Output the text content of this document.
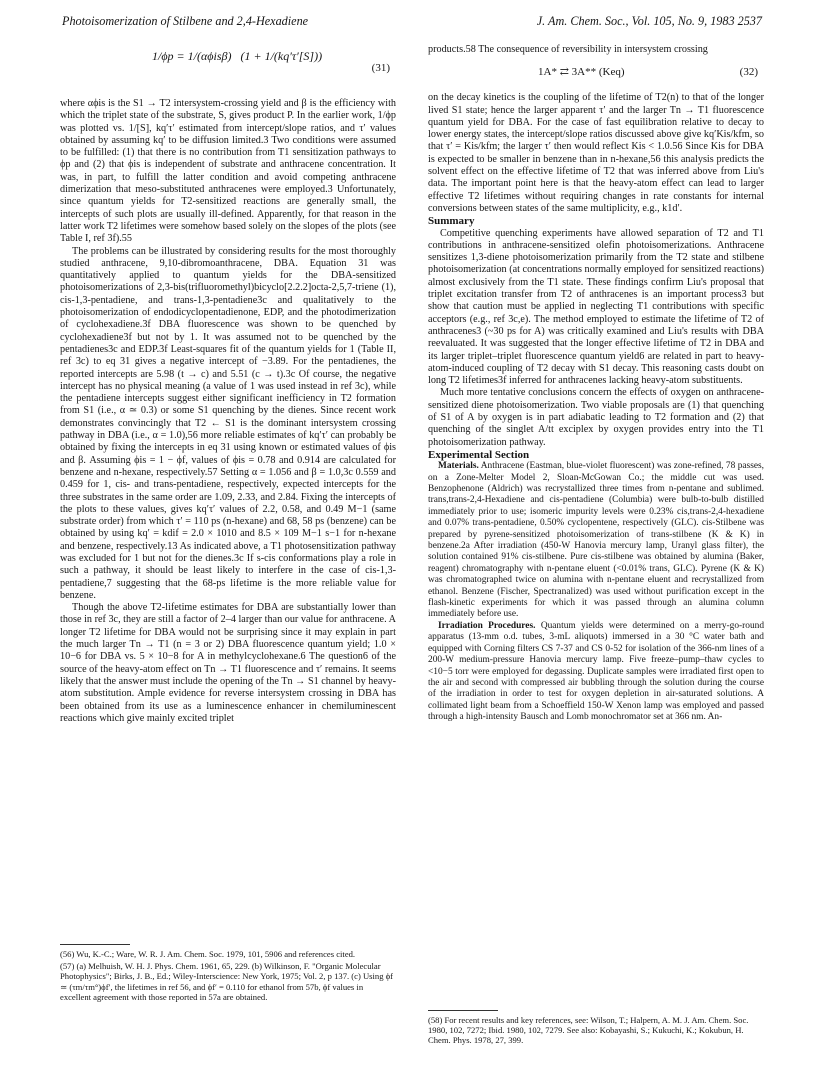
Photoisomerization of Stilbene and 2,4-Hexadiene	J. Am. Chem. Soc., Vol. 105, No. 9, 1983 2537
1/ϕp = 1/(αϕisβ) (1 + 1/(kq′τ′[S]))
(31)

where αϕis is the S1 → T2 intersystem-crossing yield and β is the efficiency with which the triplet state of the substrate, S, gives product P. In the earlier work, 1/ϕp was plotted vs. 1/[S], kq′τ′ estimated from intercept/slope ratios, and τ′ values obtained by assuming kq′ to be diffusion limited.3 Two conditions were assumed to be fulfilled: (1) that there is no contribution from T1 sensitization pathways to ϕp and (2) that ϕis is independent of substrate and anthracene concentration. It was, in part, to fulfill the latter condition and avoid competing anthracene dimerization that meso-substituted anthracenes were employed.3 Unfortunately, since quantum yields for T2-sensitized reactions are generally small, the intercepts of such plots are usually ill-defined. Apparently, for that reason in the latter work T2 lifetimes were somehow based solely on the slopes of the plots (see Table I, ref 3f).55

The problems can be illustrated by considering results for the most thoroughly studied anthracene, 9,10-dibromoanthracene, DBA. Equation 31 was quantitatively applied to quantum yields for the DBA-sensitized photoisomerizations of 2,3-bis(trifluoromethyl)bicyclo[2.2.2]octa-2,5,7-triene (1), cis-1,3-pentadiene, and trans-1,3-pentadiene3c and qualitatively to the photoisomerization of endodicyclopentadienone, EDP, and the photodimerization of cyclohexadiene.3f DBA fluorescence was shown to be quenched by cyclohexadiene3f but not by 1. It was assumed not to be quenched by the pentadienes3c and EDP.3f Least-squares fit of the quantum yields for 1 (Table II, ref 3c) to eq 31 gives a negative intercept of −3.89. For the pentadienes, the reported intercepts are 5.98 (t → c) and 5.51 (c → t).3c Of course, the negative intercept has no physical meaning (a value of 1 was used instead in ref 3c), while the pentadiene intercepts suggest either significant inefficiency in T2 formation from S1 (i.e., α ≃ 0.3) or some S1 quenching by the dienes. Since recent work demonstrates convincingly that T2 ← S1 is the dominant intersystem crossing pathway in DBA (i.e., α = 1.0),56 more reliable estimates of kq′τ′ can probably be obtained by fixing the intercepts in eq 31 using known or estimated values of ϕis and β. Assuming ϕis = 1 − ϕf, values of ϕis = 0.78 and 0.914 are calculated for benzene and n-hexane, respectively.57 Setting α = 1.056 and β = 1.0,3c 0.559 and 0.459 for 1, cis- and trans-pentadiene, respectively, expected intercepts for the three substrates in the same order are 1.09, 2.33, and 2.84. Fixing the intercepts of the plots to these values, gives kq′τ′ values of 2.2, 0.58, and 0.49 M−1 (same substrate order) from which τ′ = 110 ps (n-hexane) and 68, 58 ps (benzene) can be obtained by using kq′ = kdif = 2.0 × 1010 and 8.5 × 109 M−1 s−1 for n-hexane and benzene, respectively.13 As indicated above, a T1 photosensitization pathway was excluded for 1 but not for the dienes.3c If s-cis conformations play a role in such a pathway, it should be least likely to interfere in the case of cis-1,3-pentadiene,7 suggesting that the 68-ps lifetime is the more reliable value for benzene.

Though the above T2-lifetime estimates for DBA are substantially lower than those in ref 3c, they are still a factor of 2–4 larger than our value for anthracene. A longer T2 lifetime for DBA would not be surprising since it may explain in part the much larger Tn → T1 (n = 3 or 2) DBA fluorescence quantum yield; 1.0 × 10−6 for DBA vs. 5 × 10−8 for A in methylcyclohexane.6 The question6 of the source of the heavy-atom effect on Tn → T1 fluorescence and τ′ remains. It seems likely that the answer must include the opening of the Tn → S1 channel by heavy-atom substitution. Ample evidence for reverse intersystem crossing in DBA has been obtained from its use as a luminescence enhancer in chemiluminescent reactions which give mainly excited triplet

(56) Wu, K.-C.; Ware, W. R. J. Am. Chem. Soc. 1979, 101, 5906 and references cited.

(57) (a) Melhuish, W. H. J. Phys. Chem. 1961, 65, 229. (b) Wilkinson, F. "Organic Molecular Photophysics"; Birks, J. B., Ed.; Wiley-Interscience: New York, 1975; Vol. 2, p 137. (c) Using ϕf ≃ (τm/τm°)ϕf′, the lifetimes in ref 56, and ϕf′ = 0.110 for ethanol from 57b, ϕf values in excellent agreement with those reported in 57a are obtained.

products.58 The consequence of reversibility in intersystem crossing

1A* ⇄ 3A** (Keq)	(32)

on the decay kinetics is the coupling of the lifetime of T2(n) to that of the longer lived S1 state; hence the larger apparent τ′ and the larger Tn → T1 fluorescence quantum yield for DBA. For the case of fast equilibration relative to decay to lower energy states, the intercept/slope ratios discussed above give kq′Kis/kfm, so that τ′ = Kis/kfm; the larger τ′ then would reflect Kis < 1.0.56 Since Kis for DBA is expected to be smaller in benzene than in n-hexane,56 this analysis predicts the solvent effect on the effective lifetime of T2 that was inferred above from Liu's data. The important point here is that the heavy-atom effect can lead to larger effective T2 lifetimes without requiring changes in rate constants for internal conversions between states of the same multiplicity, e.g., k1d′.

Summary

Competitive quenching experiments have allowed separation of T2 and T1 contributions in anthracene-sensitized olefin photoisomerizations. Anthracene sensitizes 1,3-diene photoisomerization primarily from the T2 state and stilbene photoisomerization (at concentrations normally employed for sensitized reactions) almost exclusively from the T1 state. These findings confirm Liu's proposal that triplet excitation transfer from T2 of anthracenes is an important process3 but show that caution must be applied in neglecting T1 contributions with specific acceptors (e.g., ref 3c,e). The method employed to estimate the lifetime of T2 of anthracenes3 (~30 ps for A) was critically examined and Liu's results with DBA reevaluated. It was suggested that the longer effective lifetime of T2 in DBA and its larger triplet–triplet fluorescence quantum yield6 are related in part to heavy-atom-induced coupling of T2 decay with S1 decay. This reasoning casts doubt on long T2 lifetimes3f inferred for anthracenes lacking heavy-atom substituents.

Much more tentative conclusions concern the effects of oxygen on anthracene-sensitized diene photoisomerization. Two viable proposals are (1) that quenching of S1 of A by oxygen is in part adiabatic leading to T2 formation and (2) that quenching of the singlet A/tt exciplex by oxygen provides entry into the T1 photoisomerization pathway.

Experimental Section

Materials. Anthracene (Eastman, blue-violet fluorescent) was zone-refined, 78 passes, on a Zone-Melter Model 2, Sloan-McGowan Co.; the middle cut was used. Benzophenone (Aldrich) was recrystallized three times from n-pentane and sublimed. trans,trans-2,4-Hexadiene and cis-pentadiene (Columbia) were bulb-to-bulb distilled immediately prior to use; isomeric impurity levels were 0.23% cis,trans-2,4-hexadiene and 0.07% trans-pentadiene, 0.50% cyclopentene, respectively (GLC). cis-Stilbene was prepared by pyrene-sensitized photoisomerization of trans-stilbene (K & K) in benzene.2a After irradiation (450-W Hanovia mercury lamp, Uranyl glass filter), the solution contained 91% cis-stilbene. Pure cis-stilbene was obtained by alumina (Baker, reagent) chromatography with n-pentane eluent (<0.01% trans, GLC). Pyrene (K & K) was chromatographed twice on alumina with n-pentane eluent and recrystallized from ethanol. Benzene (Fischer, Spectranalized) was used without purification except in the flash-kinetic experiments for which it was passed through an alumina column immediately before use.

Irradiation Procedures. Quantum yields were determined on a merry-go-round apparatus (13-mm o.d. tubes, 3-mL aliquots) immersed in a 30 °C water bath and equipped with Corning filters CS 7-37 and CS 0-52 for isolation of the 366-nm lines of a 200-W medium-pressure Hanovia mercury lamp. Five freeze–pump–thaw cycles to <10−5 torr were employed for degassing. Duplicate samples were irradiated first open to the air and second with compressed air bubbling through the solution during the course of the irradiation in order to test for oxygen depletion in air-saturated solutions. A collimated light beam from a Schoeffield 150-W Xenon lamp was employed and passed through a high-intensity Bausch and Lomb monochromator set at 366 nm. An-

(58) For recent results and key references, see: Wilson, T.; Halpern, A. M. J. Am. Chem. Soc. 1980, 102, 7272; Ibid. 1980, 102, 7279. See also: Kobayashi, S.; Kukuchi, K.; Kokubun, H. Chem. Phys. 1978, 27, 399.
